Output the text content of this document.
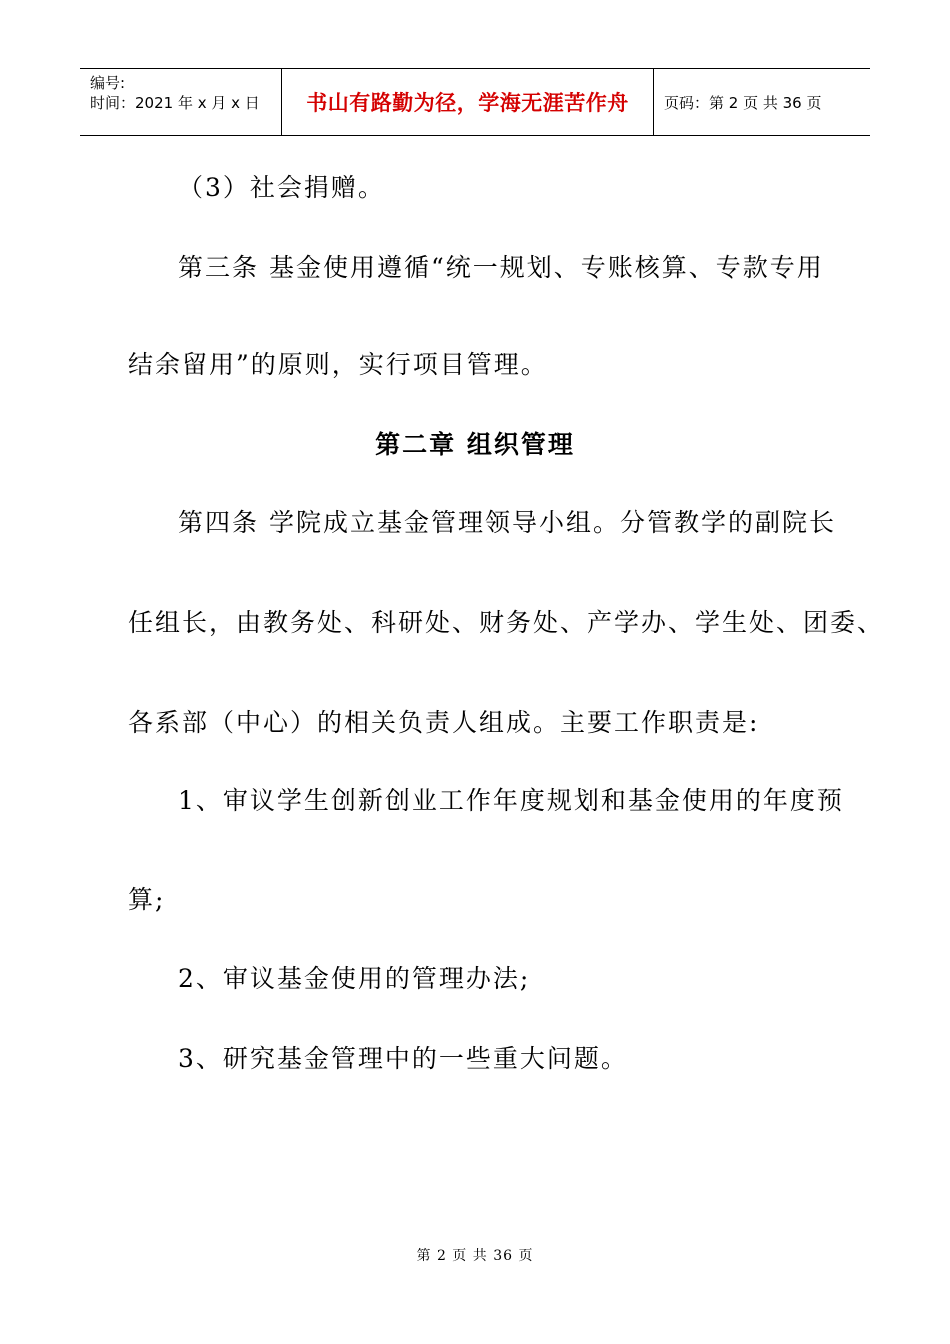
编号:
时间：2021 年 x 月 x 日	书山有路勤为径，学海无涯苦作舟 页码：第 2 页 共 36 页
（3）社会捐赠。
第三条 基金使用遵循“统一规划、专账核算、专款专用
结余留用”的原则，实行项目管理。
第二章 组织管理
第四条 学院成立基金管理领导小组。分管教学的副院长
任组长，由教务处、科研处、财务处、产学办、学生处、团委、
各系部（中心）的相关负责人组成。主要工作职责是:
1、审议学生创新创业工作年度规划和基金使用的年度预
算;
2、审议基金使用的管理办法;
3、研究基金管理中的一些重大问题。
第 2 页 共 36 页
